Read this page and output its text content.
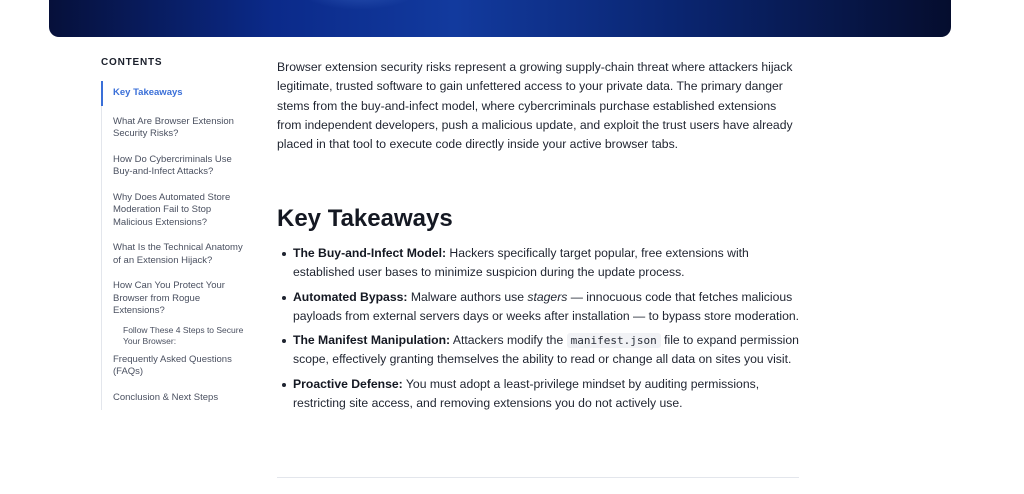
CONTENTS
Key Takeaways
What Are Browser Extension Security Risks?
How Do Cybercriminals Use Buy-and-Infect Attacks?
Why Does Automated Store Moderation Fail to Stop Malicious Extensions?
What Is the Technical Anatomy of an Extension Hijack?
How Can You Protect Your Browser from Rogue Extensions?
Follow These 4 Steps to Secure Your Browser:
Frequently Asked Questions (FAQs)
Conclusion & Next Steps

Browser extension security risks represent a growing supply-chain threat where attackers hijack legitimate, trusted software to gain unfettered access to your private data. The primary danger stems from the buy-and-infect model, where cybercriminals purchase established extensions from independent developers, push a malicious update, and exploit the trust users have already placed in that tool to execute code directly inside your active browser tabs.

Key Takeaways
The Buy-and-Infect Model: Hackers specifically target popular, free extensions with established user bases to minimize suspicion during the update process.
Automated Bypass: Malware authors use stagers — innocuous code that fetches malicious payloads from external servers days or weeks after installation — to bypass store moderation.
The Manifest Manipulation: Attackers modify the manifest.json file to expand permission scope, effectively granting themselves the ability to read or change all data on sites you visit.
Proactive Defense: You must adopt a least-privilege mindset by auditing permissions, restricting site access, and removing extensions you do not actively use.
